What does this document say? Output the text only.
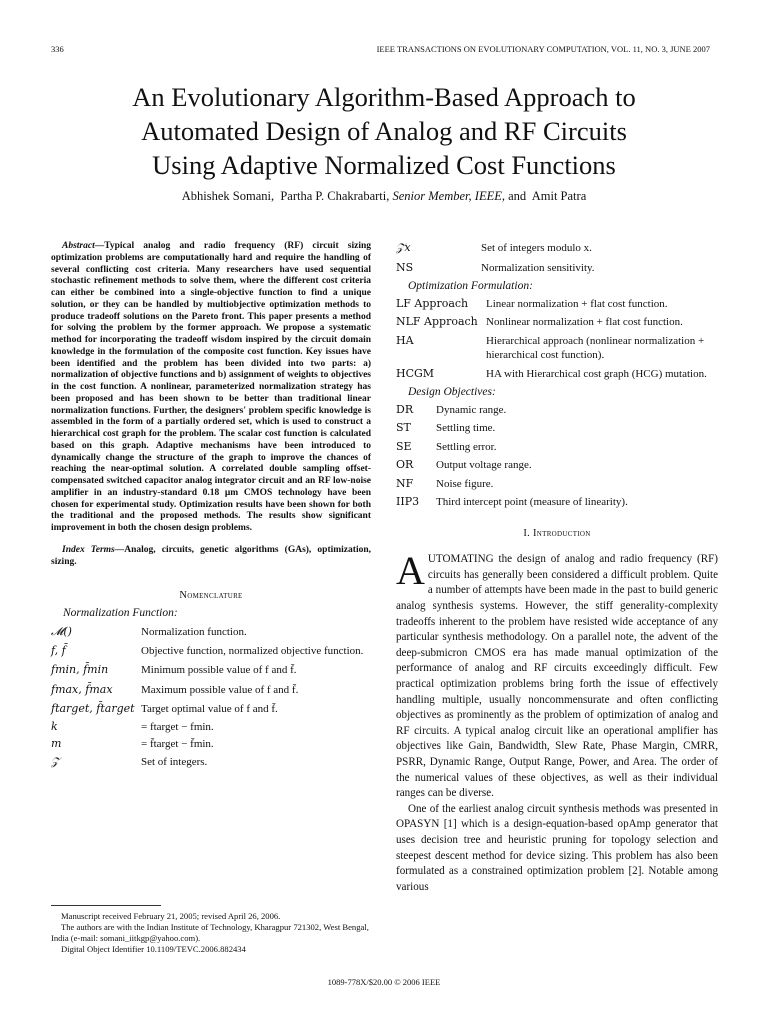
336	IEEE TRANSACTIONS ON EVOLUTIONARY COMPUTATION, VOL. 11, NO. 3, JUNE 2007
An Evolutionary Algorithm-Based Approach to
Automated Design of Analog and RF Circuits
Using Adaptive Normalized Cost Functions
Abhishek Somani, Partha P. Chakrabarti, Senior Member, IEEE, and Amit Patra

Abstract—Typical analog and radio frequency (RF) circuit sizing optimization problems are computationally hard and require the handling of several conflicting cost criteria. Many researchers have used sequential stochastic refinement methods to solve them, where the different cost criteria can either be combined into a single-objective function to find a unique solution, or they can be handled by multiobjective optimization methods to produce tradeoff solutions on the Pareto front. This paper presents a method for solving the problem by the former approach. We propose a systematic method for incorporating the tradeoff wisdom inspired by the circuit domain knowledge in the formulation of the composite cost function. Key issues have been identified and the problem has been divided into two parts: a) normalization of objective functions and b) assignment of weights to objectives in the cost function. A nonlinear, parameterized normalization strategy has been proposed and has been shown to be better than traditional linear normalization functions. Further, the designers' problem specific knowledge is assembled in the form of a partially ordered set, which is used to construct a hierarchical cost graph for the problem. The scalar cost function is calculated based on this graph. Adaptive mechanisms have been introduced to dynamically change the structure of the graph to improve the chances of reaching the near-optimal solution. A correlated double sampling offset-compensated switched capacitor analog integrator circuit and an RF low-noise amplifier in an industry-standard 0.18 μm CMOS technology have been chosen for experimental study. Optimization results have been shown for both the traditional and the proposed methods. The results show significant improvement in both the chosen design problems.

Index Terms—Analog, circuits, genetic algorithms (GAs), optimization, sizing.

Nomenclature

Normalization Function:

𝓜()	Normalization function.
f, f̄	Objective function, normalized objective function.
fmin, f̄min	Minimum possible value of f and f̄.
fmax, f̄max	Maximum possible value of f and f̄.
ftarget, f̄target Target optimal value of f and f̄.
k	= ftarget − fmin.
m	= f̄target − f̄min.
𝒵	Set of integers.

Manuscript received February 21, 2005; revised April 26, 2006.

The authors are with the Indian Institute of Technology, Kharagpur 721302, West Bengal, India (e-mail: somani_iitkgp@yahoo.com).

Digital Object Identifier 10.1109/TEVC.2006.882434

𝒵x	Set of integers modulo x.
NS	Normalization sensitivity.

Optimization Formulation:

LF Approach	Linear normalization + flat cost function.
NLF Approach Nonlinear normalization + flat cost function.
HA	Hierarchical approach (nonlinear normalization + hierarchical cost function).
HCGM	HA with Hierarchical cost graph (HCG) mutation.

Design Objectives:

DR	Dynamic range.
ST	Settling time.
SE	Settling error.
OR	Output voltage range.
NF	Noise figure.
IIP3	Third intercept point (measure of linearity).

I. Introduction

AUTOMATING the design of analog and radio frequency (RF) circuits has generally been considered a difficult problem. Quite a number of attempts have been made in the past to build generic analog synthesis systems. However, the stiff generality-complexity tradeoffs inherent to the problem have resisted wide acceptance of any particular synthesis methodology. On a parallel note, the advent of the deep-submicron CMOS era has made manual optimization of the performance of analog and RF circuits exceedingly difficult. Few practical optimization problems bring forth the issue of effectively handling multiple, usually noncommensurate and often conflicting objectives as prominently as the problem of optimization of analog and RF circuits. A typical analog circuit like an operational amplifier has objectives like Gain, Bandwidth, Slew Rate, Phase Margin, CMRR, PSRR, Dynamic Range, Output Range, Power, and Area. The order of the numerical values of these objectives, as well as their individual ranges can be diverse.

One of the earliest analog circuit synthesis methods was presented in OPASYN [1] which is a design-equation-based opAmp generator that uses decision tree and heuristic pruning for topology selection and steepest descent method for device sizing. This problem has also been formulated as a constrained optimization problem [2]. Notable among various

1089-778X/$20.00 © 2006 IEEE
